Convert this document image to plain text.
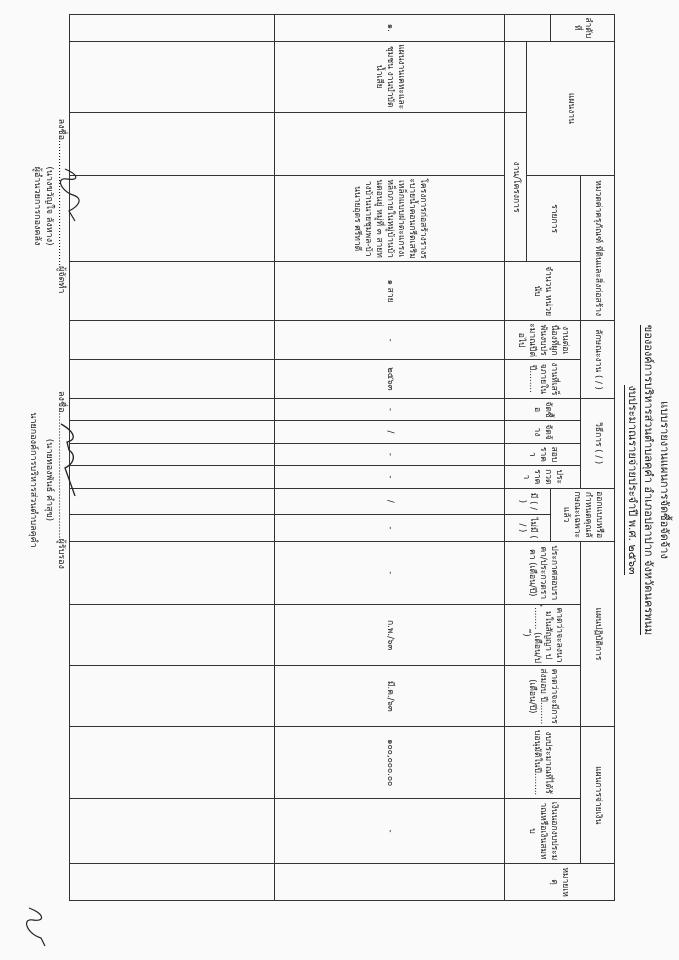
แบบรายงานแผนการจัดซื้อจัดจ้าง
ขององค์การบริหารส่วนตำบลคุคำ อำเภอปลาปาก จังหวัดนครพนม
งบประมาณรายจ่ายประจำปี พ.ศ. ๒๕๖๓
ลำดับที่	แผนงาน		หมวดค่าครุภัณฑ์ ที่ดินและสิ่งก่อสร้าง		ลักษณะงาน ( / )		วิธีการ ( / )				ออกแบบหรือกำหนดคุณลักษณะเฉพาะแล้ว		แผนปฏิบัติการ			แผนการจ่ายเงิน		หมายเหตุ
			รายการ	จำนวน หน่วยนับ	งานต่อเนื่องที่ผูกพันงบประมาณปีต่อไป	งานที่เสร็จภายในปี……..	จัดซื้อ	จัดจ้าง	สอบราคา	ประกวดราคา			ประกาศสอบราคา/ประกวดราคา (เดือน/ปี)	คาดว่าจะลงนามในสัญญา ปี…….. (เดือน/ปี)	คาดว่าจะมีการส่งมอบ ปี…….. (เดือน/ปี)	งบประมาณที่ได้รับอนุมัติในปี……..	เงินนอกงบประมาณหรือเงินสมทบ	
											มี ( / )	ไม่มี ( / )						
		งาน/โครงการ																
๑.	แผนงานเคหะและชุมชน งานบำบัดน้ำเสีย		โครงการก่อสร้างรางระบายน้ำคอนกรีตเสริมเหล็กแบบฝาตะแกรงเหล็กภายในหมู่บ้านบ้านดอนยู่ หมู่ที่ ๓ สายทางบ้านนายชุมพล-บ้านนายอุดร ศรีทาดี	๑ สาย	-	๒๕๖๓	-	/	-	-	/	-	-	ก.พ./๖๓	มี.ค./๖๓	๑๐๐,๐๐๐.๐๐	-	

ลงชื่อ……………………………………ผู้จัดทำ
(นางขวัญใจ ลังหาง)
ผู้อำนวยการกองคลัง
ลงชื่อ……………………………………ผู้รับรอง
(นายทองพันธ์ คำสุข)
นายกองค์การบริหารส่วนตำบลคุคำ
